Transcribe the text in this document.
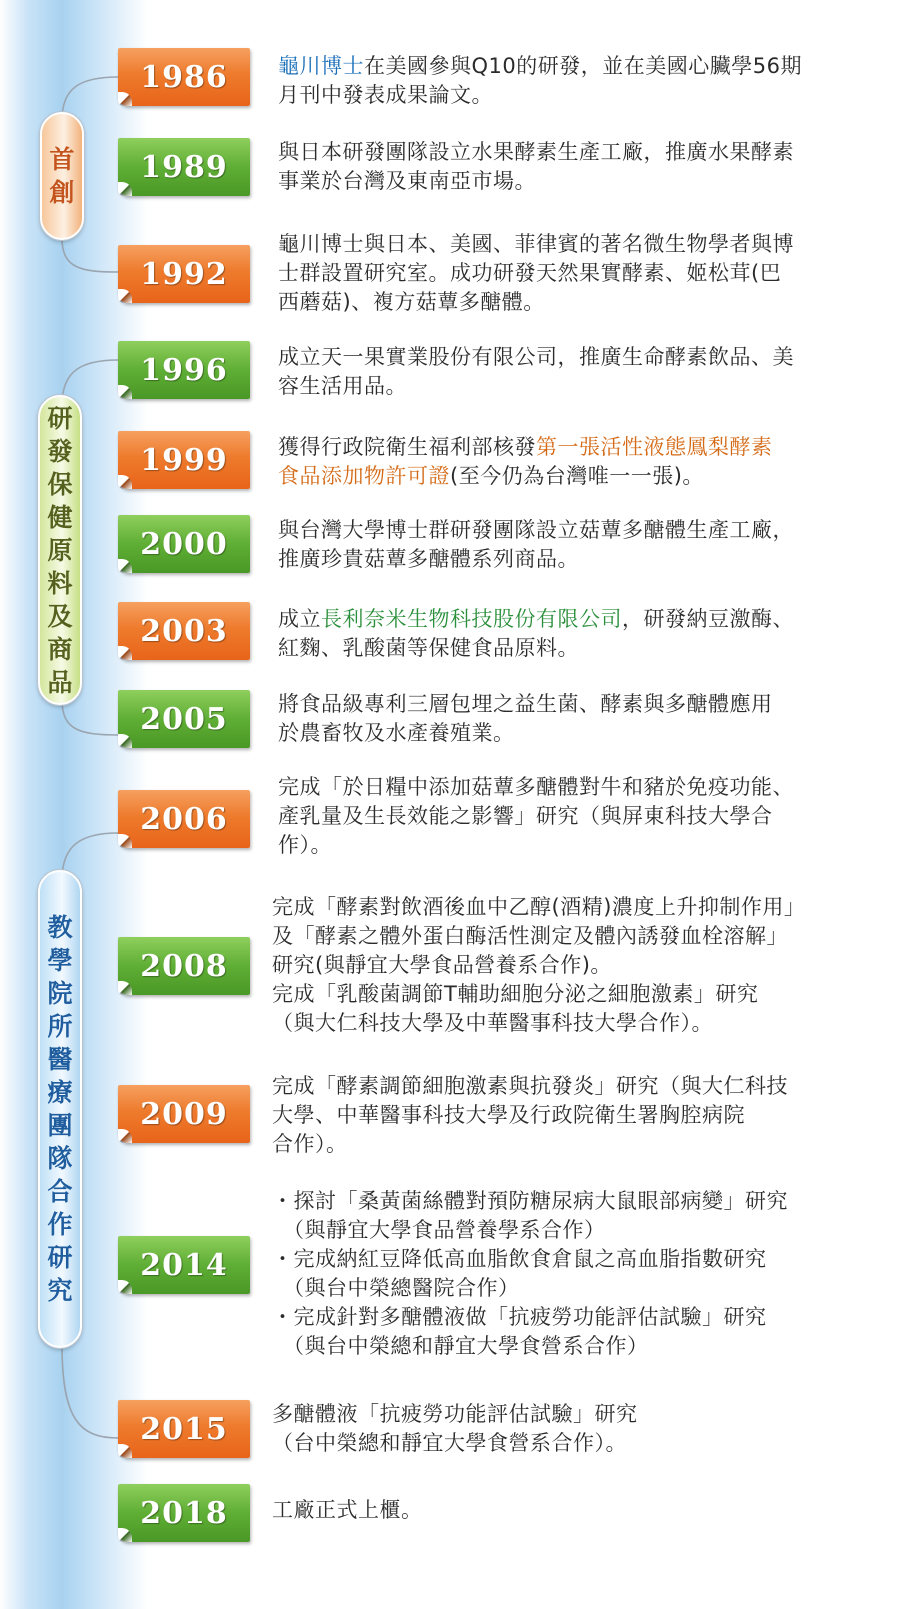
首
創
研
發
保
健
原
料
及
商
品
教
學
院
所
醫
療
團
隊
合
作
研
究
1986	龜川博士在美國參與Q10的研發，並在美國心臟學56期
月刊中發表成果論文。
1989	與日本研發團隊設立水果酵素生產工廠，推廣水果酵素
事業於台灣及東南亞市場。
1992
龜川博士與日本、美國、菲律賓的著名微生物學者與博
士群設置研究室。成功研發天然果實酵素、姬松茸(巴
西蘑菇)、複方菇蕈多醣體。
1996	成立天一果實業股份有限公司，推廣生命酵素飲品、美
容生活用品。
1999	獲得行政院衛生福利部核發第一張活性液態鳳梨酵素
食品添加物許可證(至今仍為台灣唯一一張)。
2000	與台灣大學博士群研發團隊設立菇蕈多醣體生產工廠，
推廣珍貴菇蕈多醣體系列商品。
2003	成立長利奈米生物科技股份有限公司，研發納豆激酶、
紅麴、乳酸菌等保健食品原料。
2005	將食品級專利三層包埋之益生菌、酵素與多醣體應用
於農畜牧及水產養殖業。
2006
完成「於日糧中添加菇蕈多醣體對牛和豬於免疫功能、
產乳量及生長效能之影響」研究（與屏東科技大學合
作）。
2008
完成「酵素對飲酒後血中乙醇(酒精)濃度上升抑制作用」
及「酵素之體外蛋白酶活性測定及體內誘發血栓溶解」
研究(與靜宜大學食品營養系合作)。
完成「乳酸菌調節T輔助細胞分泌之細胞激素」研究
（與大仁科技大學及中華醫事科技大學合作）。
2009
完成「酵素調節細胞激素與抗發炎」研究（與大仁科技
大學、中華醫事科技大學及行政院衛生署胸腔病院
合作）。
2014
・探討「桑黃菌絲體對預防糖尿病大鼠眼部病變」研究
　（與靜宜大學食品營養學系合作）
・完成納紅豆降低高血脂飲食倉鼠之高血脂指數研究
　（與台中榮總醫院合作）
・完成針對多醣體液做「抗疲勞功能評估試驗」研究
　（與台中榮總和靜宜大學食營系合作）
2015	多醣體液「抗疲勞功能評估試驗」研究
（台中榮總和靜宜大學食營系合作）。
2018	工廠正式上櫃。
